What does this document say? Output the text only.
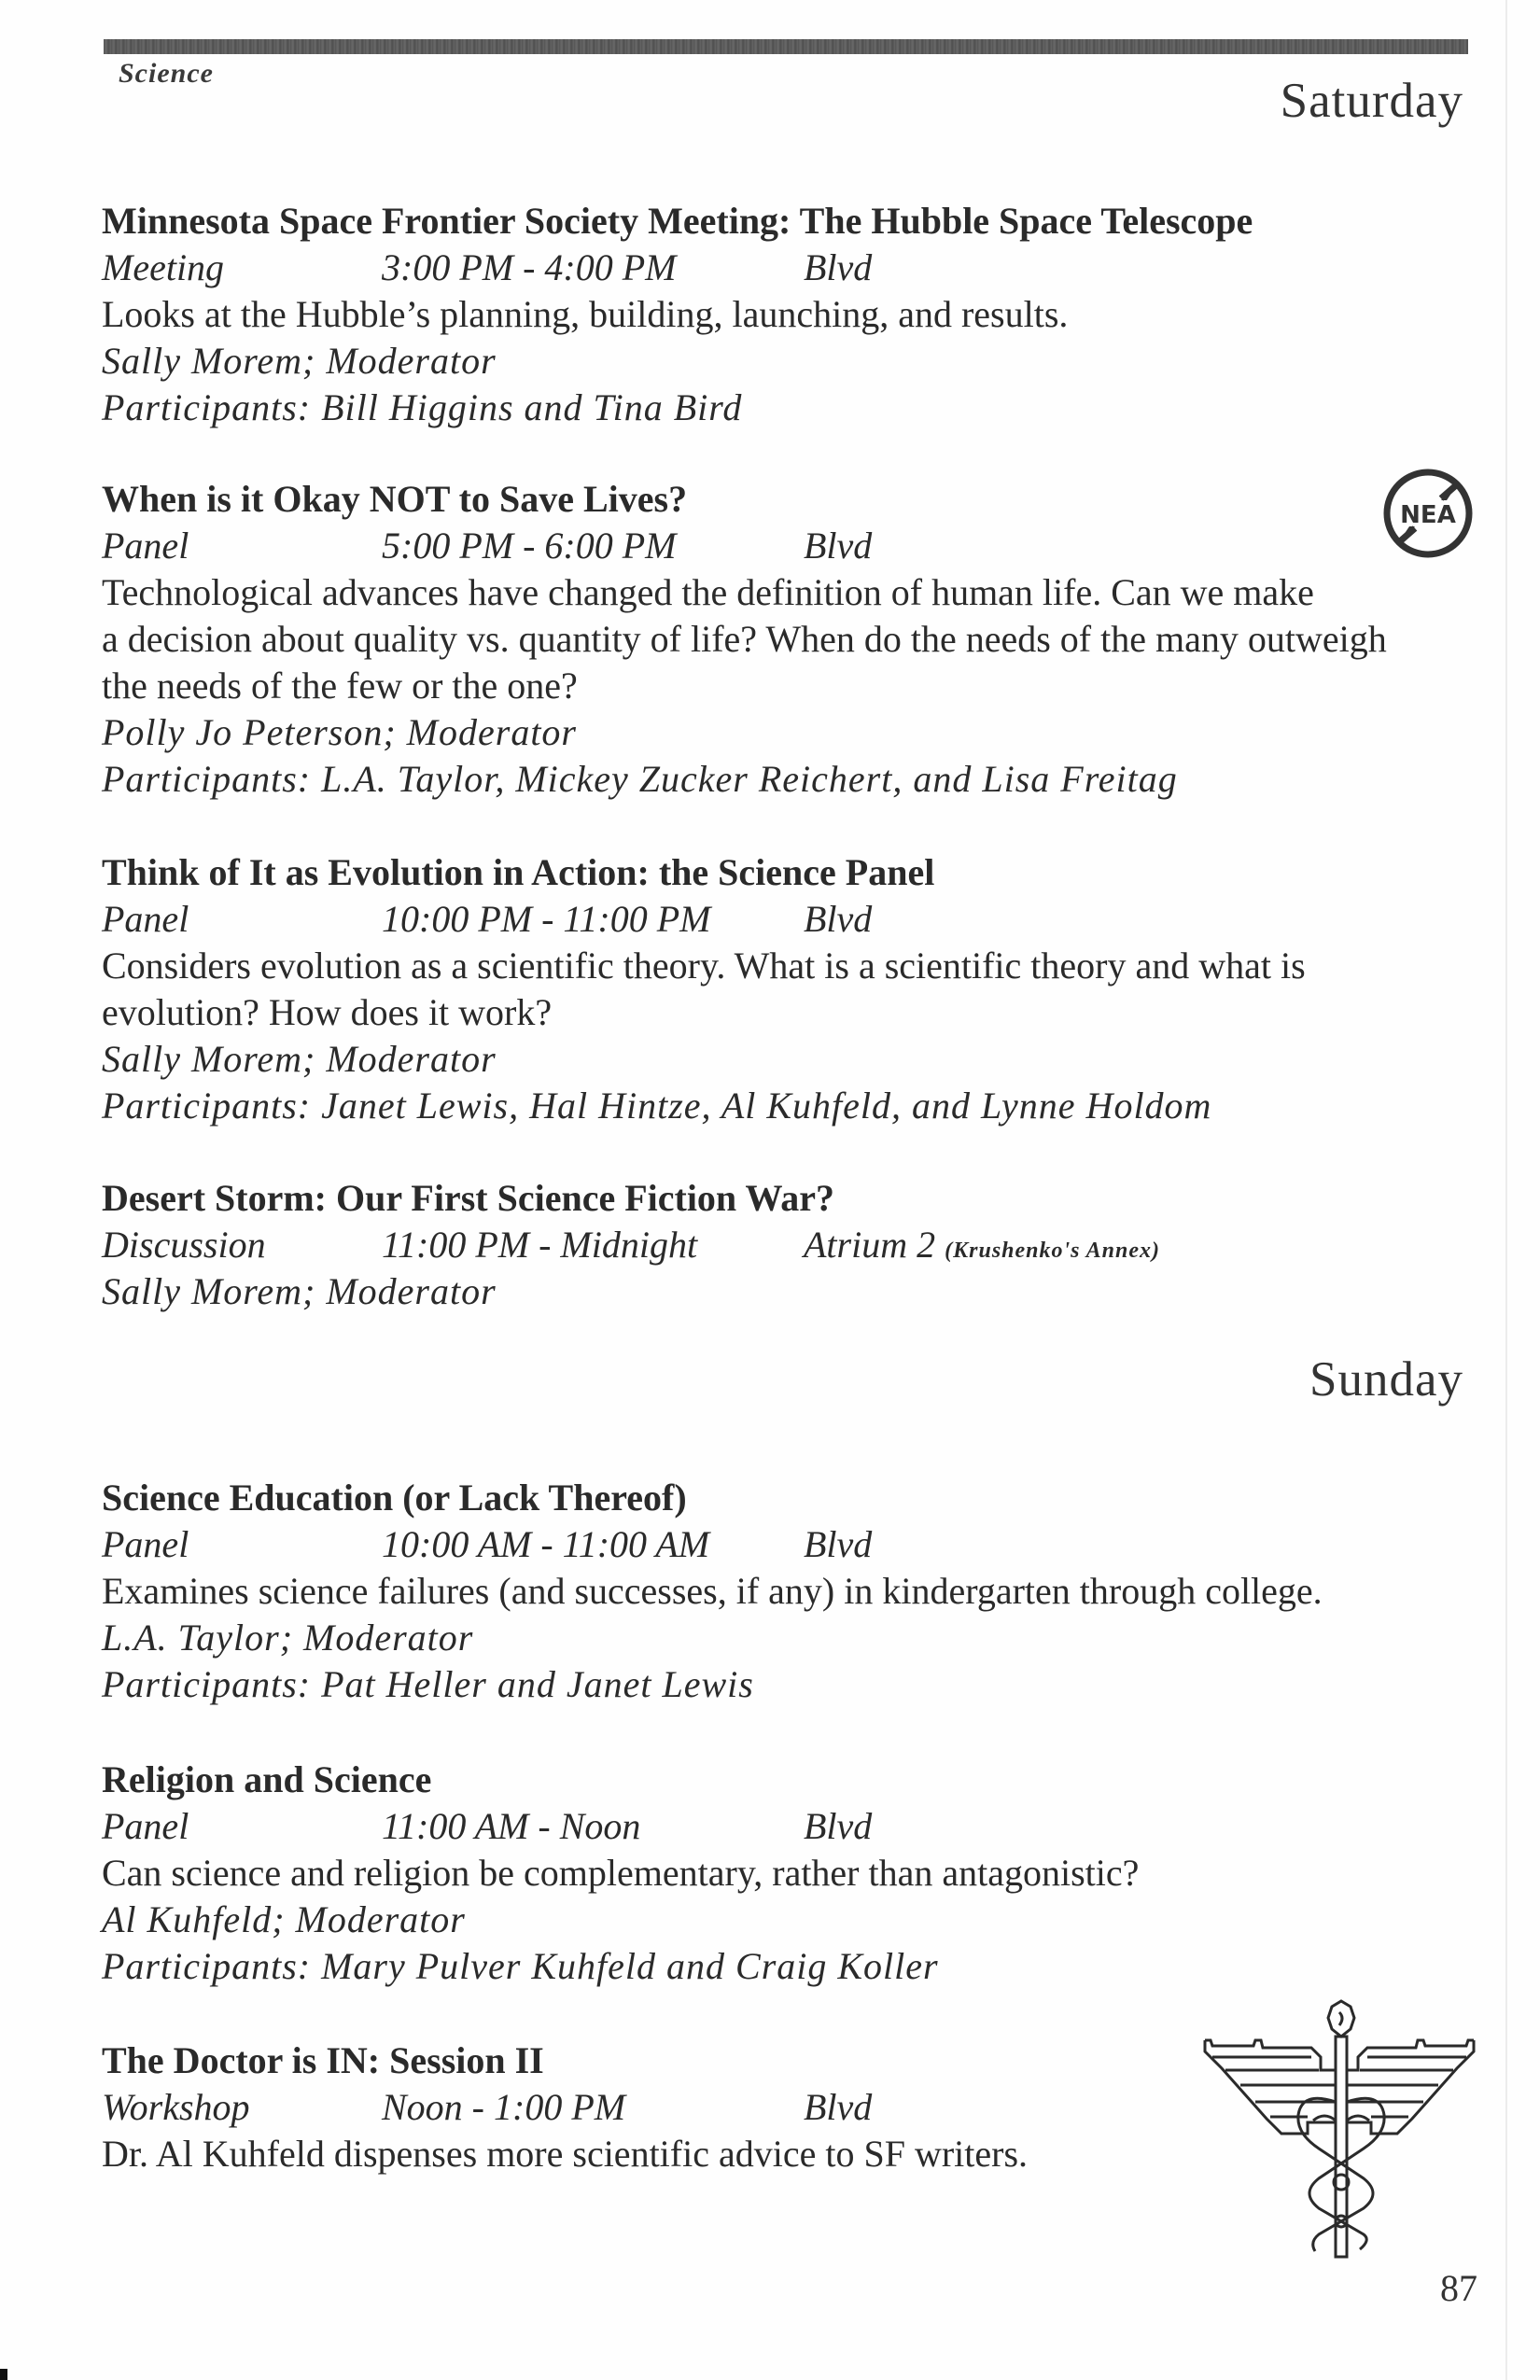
Science
Saturday
Minnesota Space Frontier Society Meeting: The Hubble Space Telescope
Meeting	3:00 PM - 4:00 PM	Blvd
Looks at the Hubble’s planning, building, launching, and results.
Sally Morem; Moderator
Participants: Bill Higgins and Tina Bird
When is it Okay NOT to Save Lives?
Panel	5:00 PM - 6:00 PM	Blvd
Technological advances have changed the definition of human life. Can we make
a decision about quality vs. quantity of life? When do the needs of the many outweigh
the needs of the few or the one?
Polly Jo Peterson; Moderator
Participants: L.A. Taylor, Mickey Zucker Reichert, and Lisa Freitag
NEA
Think of It as Evolution in Action: the Science Panel
Panel	10:00 PM - 11:00 PM Blvd
Considers evolution as a scientific theory. What is a scientific theory and what is
evolution? How does it work?
Sally Morem; Moderator
Participants: Janet Lewis, Hal Hintze, Al Kuhfeld, and Lynne Holdom
Desert Storm: Our First Science Fiction War?
Discussion	11:00 PM - Midnight	Atrium 2 (Krushenko's Annex)
Sally Morem; Moderator
Sunday
Science Education (or Lack Thereof)
Panel	10:00 AM - 11:00 AM	Blvd
Examines science failures (and successes, if any) in kindergarten through college.
L.A. Taylor; Moderator
Participants: Pat Heller and Janet Lewis
Religion and Science
Panel	11:00 AM - Noon	Blvd
Can science and religion be complementary, rather than antagonistic?
Al Kuhfeld; Moderator
Participants: Mary Pulver Kuhfeld and Craig Koller
The Doctor is IN: Session II
Workshop	Noon - 1:00 PM	Blvd
Dr. Al Kuhfeld dispenses more scientific advice to SF writers.
87
